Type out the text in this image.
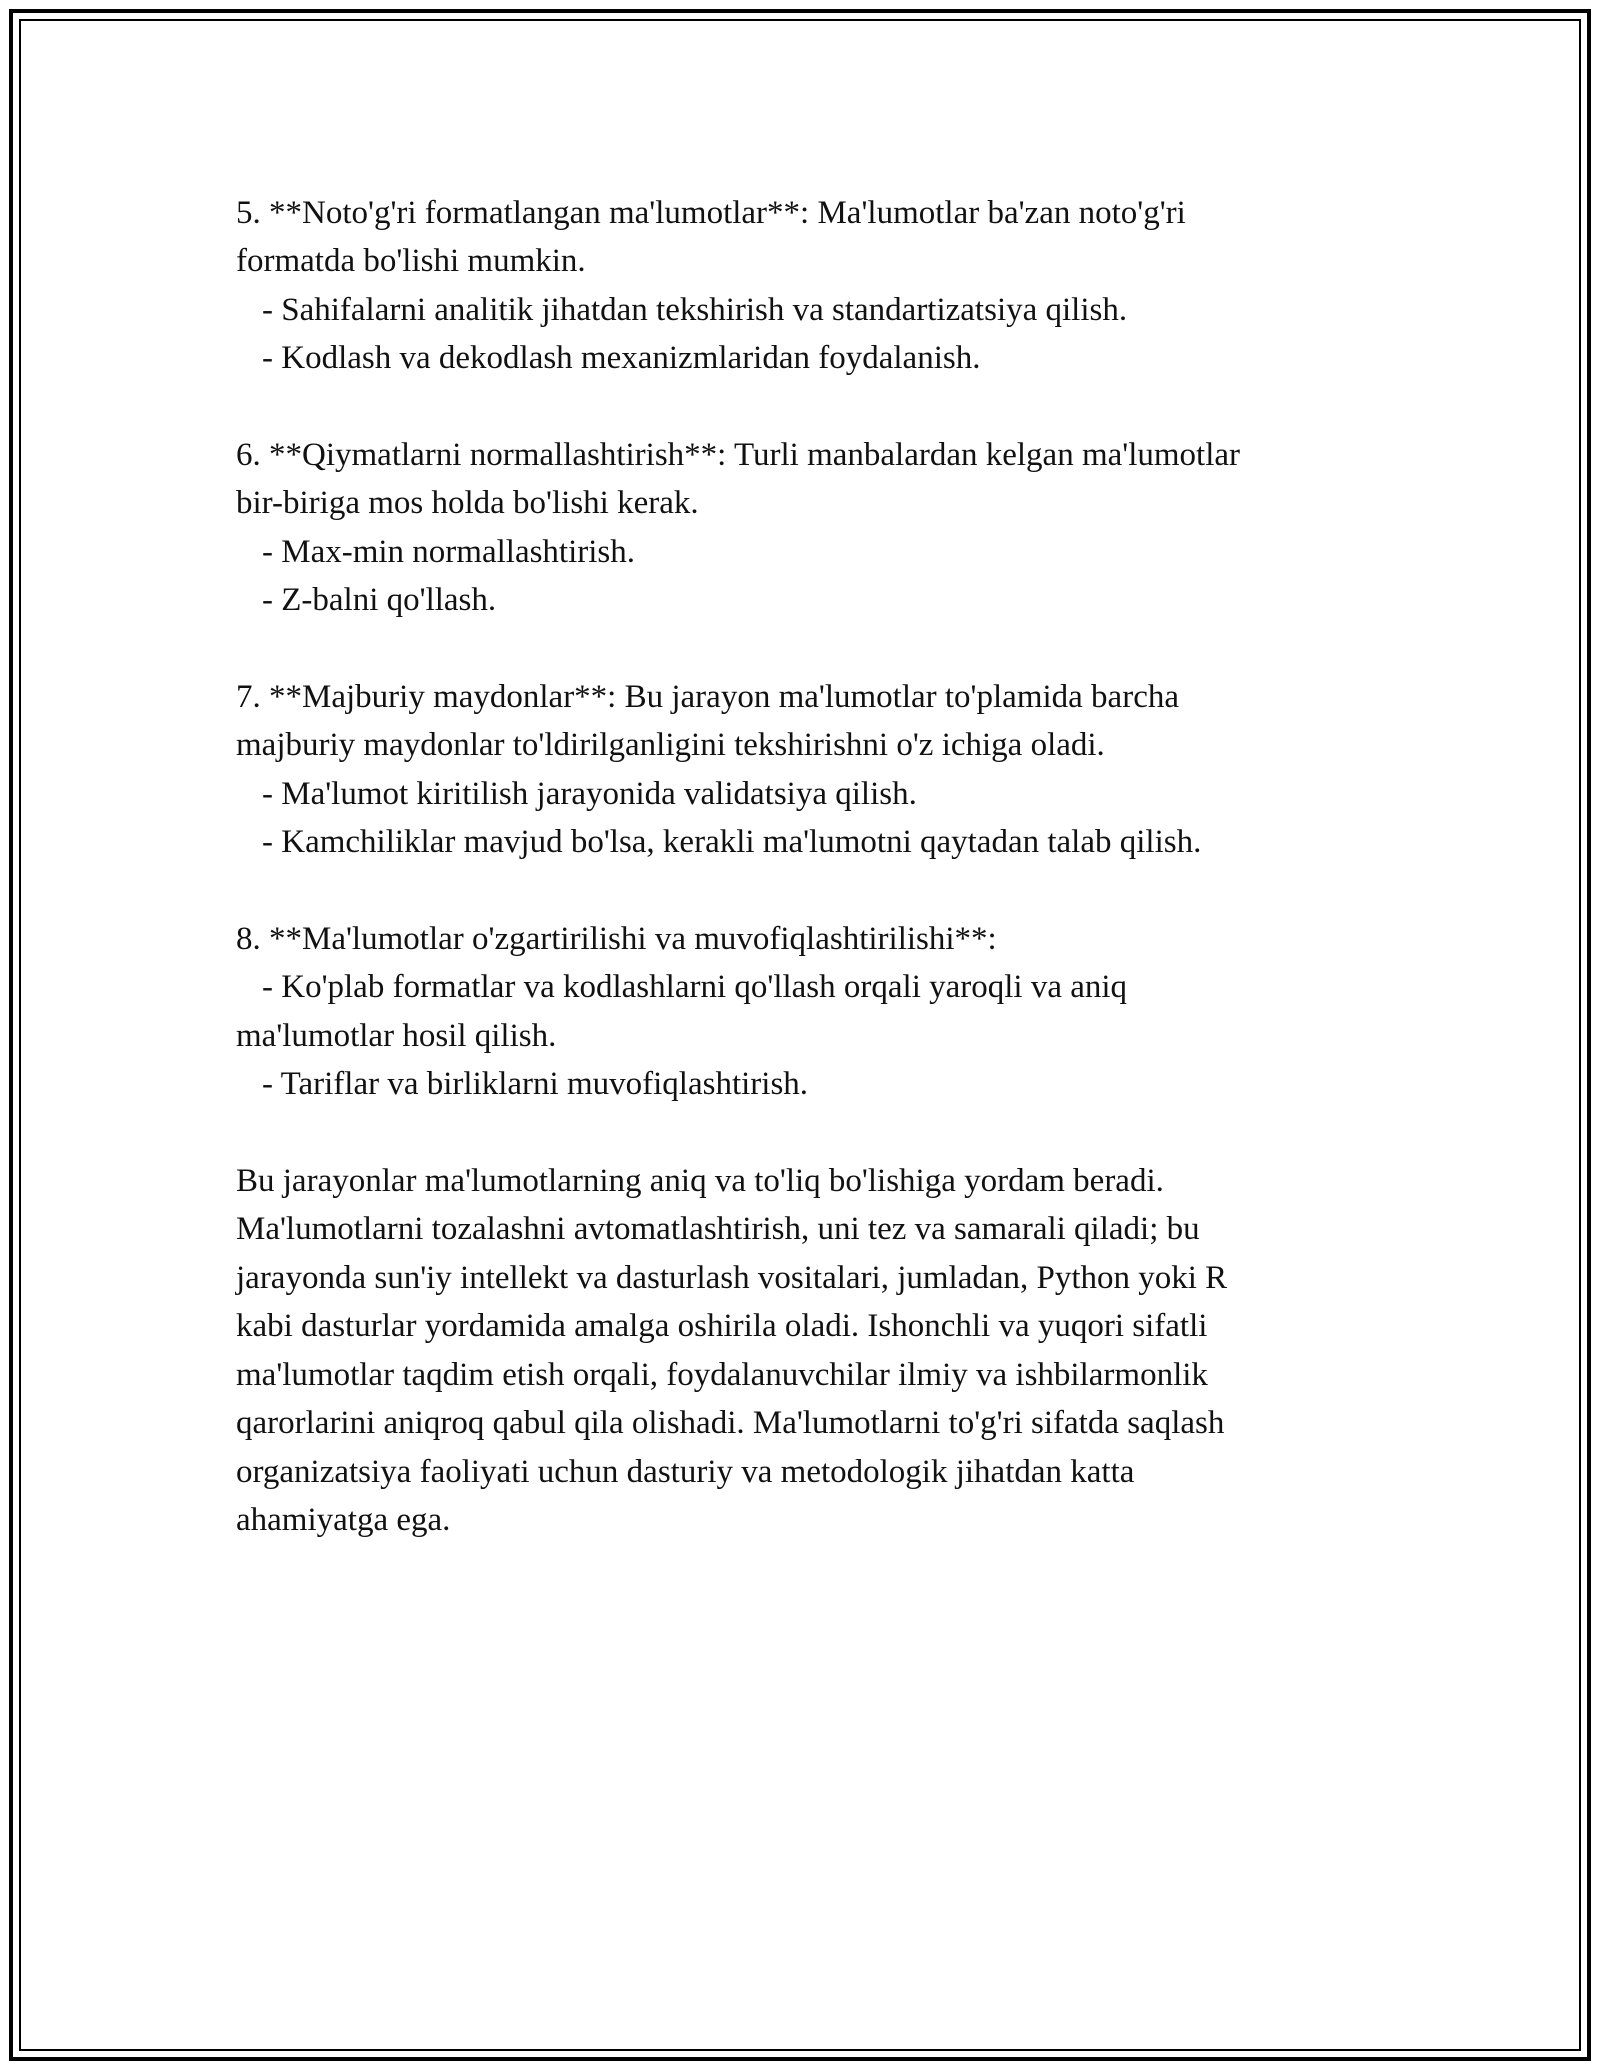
5. **Noto'g'ri formatlangan ma'lumotlar**: Ma'lumotlar ba'zan noto'g'ri

formatda bo'lishi mumkin.

- Sahifalarni analitik jihatdan tekshirish va standartizatsiya qilish.

- Kodlash va dekodlash mexanizmlaridan foydalanish.

6. **Qiymatlarni normallashtirish**: Turli manbalardan kelgan ma'lumotlar

bir-biriga mos holda bo'lishi kerak.

- Max-min normallashtirish.

- Z-balni qo'llash.

7. **Majburiy maydonlar**: Bu jarayon ma'lumotlar to'plamida barcha

majburiy maydonlar to'ldirilganligini tekshirishni o'z ichiga oladi.

- Ma'lumot kiritilish jarayonida validatsiya qilish.

- Kamchiliklar mavjud bo'lsa, kerakli ma'lumotni qaytadan talab qilish.

8. **Ma'lumotlar o'zgartirilishi va muvofiqlashtirilishi**:

- Ko'plab formatlar va kodlashlarni qo'llash orqali yaroqli va aniq

ma'lumotlar hosil qilish.

- Tariflar va birliklarni muvofiqlashtirish.

Bu jarayonlar ma'lumotlarning aniq va to'liq bo'lishiga yordam beradi.

Ma'lumotlarni tozalashni avtomatlashtirish, uni tez va samarali qiladi; bu

jarayonda sun'iy intellekt va dasturlash vositalari, jumladan, Python yoki R

kabi dasturlar yordamida amalga oshirila oladi. Ishonchli va yuqori sifatli

ma'lumotlar taqdim etish orqali, foydalanuvchilar ilmiy va ishbilarmonlik

qarorlarini aniqroq qabul qila olishadi. Ma'lumotlarni to'g'ri sifatda saqlash

organizatsiya faoliyati uchun dasturiy va metodologik jihatdan katta

ahamiyatga ega.
